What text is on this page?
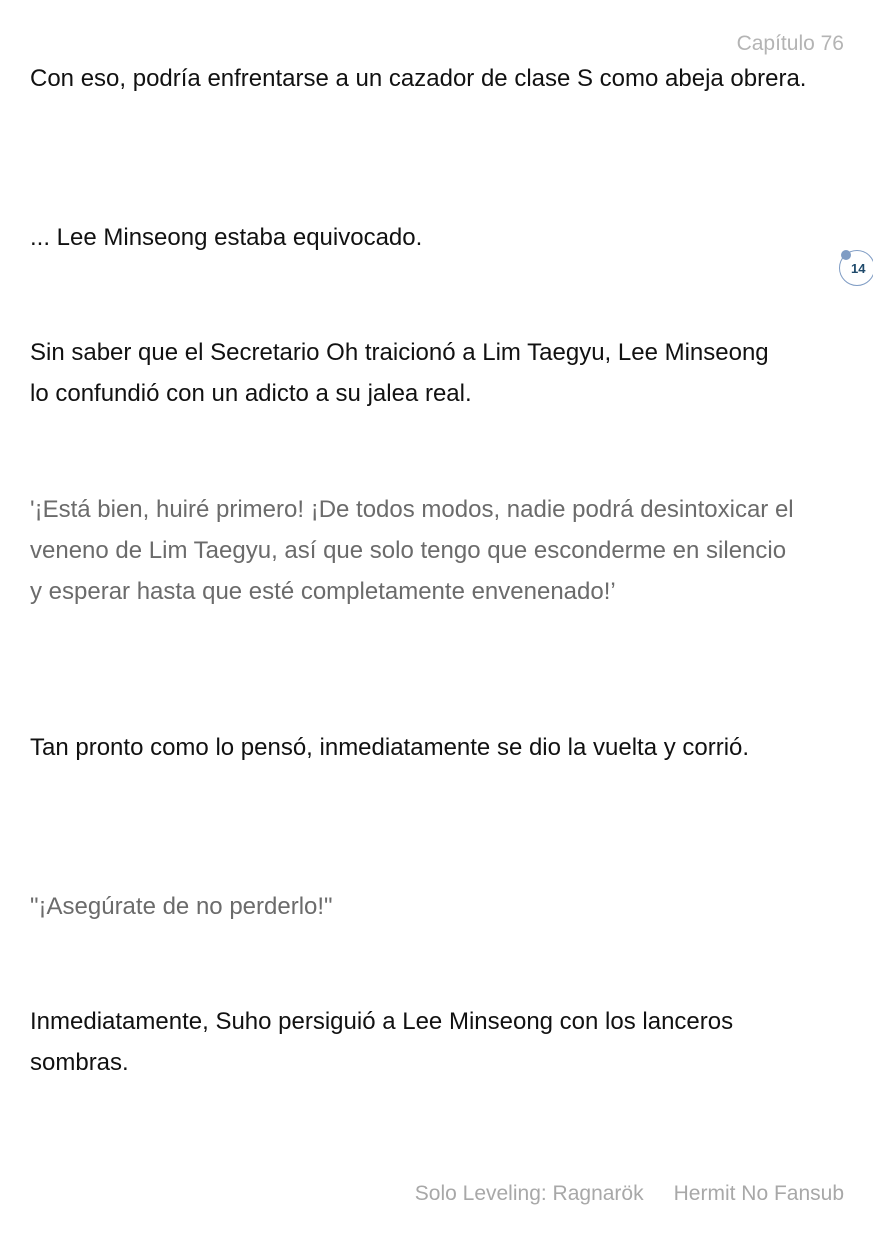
Capítulo 76

Con eso, podría enfrentarse a un cazador de clase S como abeja obrera.

... Lee Minseong estaba equivocado.

Sin saber que el Secretario Oh traicionó a Lim Taegyu, Lee Minseong lo confundió con un adicto a su jalea real.

'¡Está bien, huiré primero! ¡De todos modos, nadie podrá desintoxicar el veneno de Lim Taegyu, así que solo tengo que esconderme en silencio y esperar hasta que esté completamente envenenado!’

Tan pronto como lo pensó, inmediatamente se dio la vuelta y corrió.

"¡Asegúrate de no perderlo!"

Inmediatamente, Suho persiguió a Lee Minseong con los lanceros sombras.

14
Solo Leveling: Ragnarök Hermit No Fansub
